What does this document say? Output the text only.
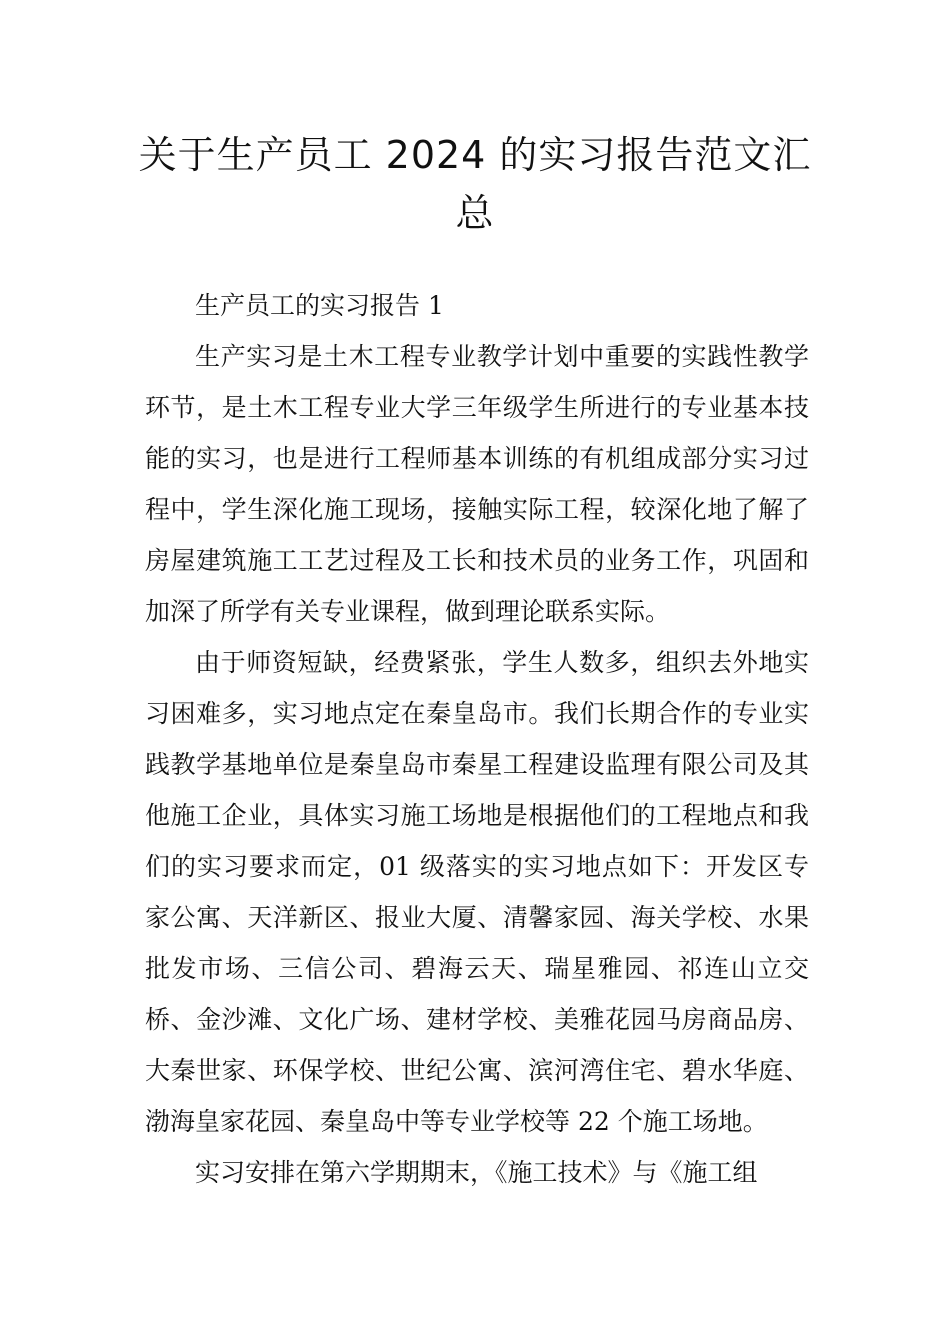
关于生产员工 2024 的实习报告范文汇
总

生产员工的实习报告 1

生产实习是土木工程专业教学计划中重要的实践性教学环节，是土木工程专业大学三年级学生所进行的专业基本技能的实习，也是进行工程师基本训练的有机组成部分实习过程中，学生深化施工现场，接触实际工程，较深化地了解了房屋建筑施工工艺过程及工长和技术员的业务工作，巩固和加深了所学有关专业课程，做到理论联系实际。

由于师资短缺，经费紧张，学生人数多，组织去外地实习困难多，实习地点定在秦皇岛市。我们长期合作的专业实践教学基地单位是秦皇岛市秦星工程建设监理有限公司及其他施工企业，具体实习施工场地是根据他们的工程地点和我们的实习要求而定，01 级落实的实习地点如下：开发区专家公寓、天洋新区、报业大厦、清馨家园、海关学校、水果批发市场、三信公司、碧海云天、瑞星雅园、祁连山立交桥、金沙滩、文化广场、建材学校、美雅花园马房商品房、大秦世家、环保学校、世纪公寓、滨河湾住宅、碧水华庭、渤海皇家花园、秦皇岛中等专业学校等 22 个施工场地。

实习安排在第六学期期末，《施工技术》与《施工组
